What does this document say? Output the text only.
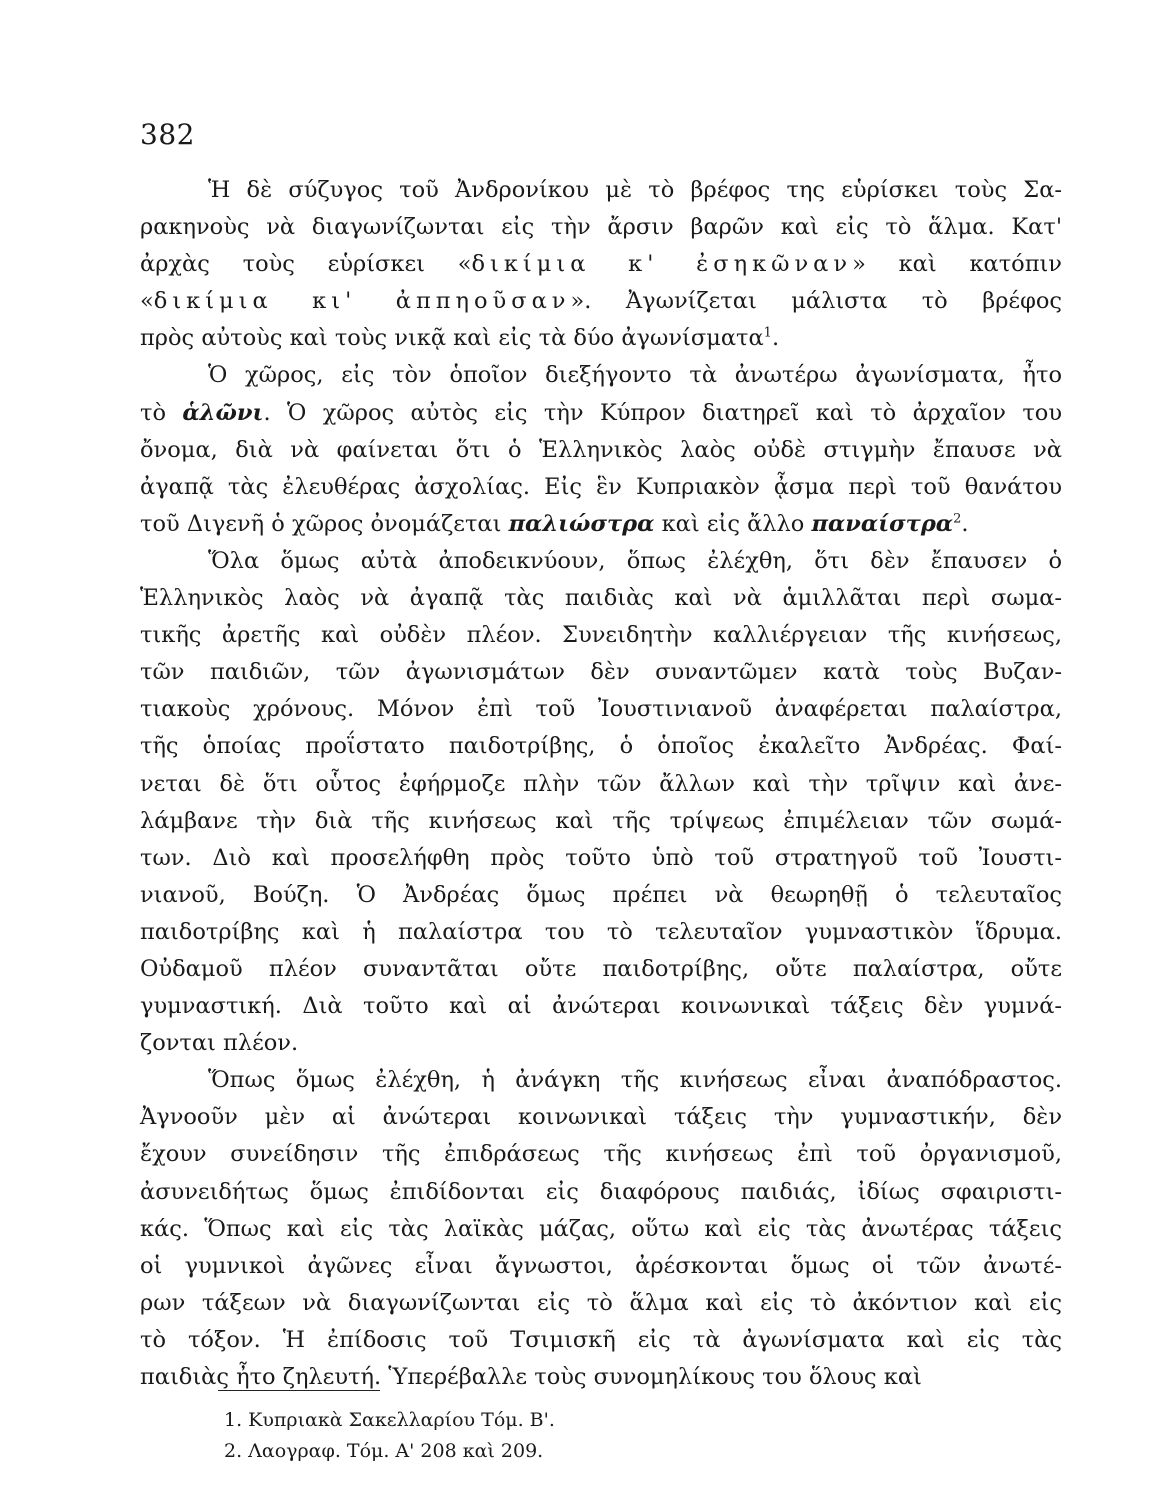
382
Ἡ δὲ σύζυγος τοῦ Ἀνδρονίκου μὲ τὸ βρέφος της εὑρίσκει τοὺς Σα-
ρακηνοὺς νὰ διαγωνίζωνται εἰς τὴν ἄρσιν βαρῶν καὶ εἰς τὸ ἅλμα. Κατ'
ἀρχὰς τοὺς εὑρίσκει «δικίμια κ' ἐσηκῶναν» καὶ κατόπιν
«δικίμια κι' ἀππηοῦσαν». Ἀγωνίζεται μάλιστα τὸ βρέφος
πρὸς αὐτοὺς καὶ τοὺς νικᾷ καὶ εἰς τὰ δύο ἀγωνίσματα$^1$.
Ὁ χῶρος, εἰς τὸν ὁποῖον διεξήγοντο τὰ ἀνωτέρω ἀγωνίσματα, ἦτο
τὸ ἁλῶνι. Ὁ χῶρος αὐτὸς εἰς τὴν Κύπρον διατηρεῖ καὶ τὸ ἀρχαῖον του
ὄνομα, διὰ νὰ φαίνεται ὅτι ὁ Ἑλληνικὸς λαὸς οὐδὲ στιγμὴν ἔπαυσε νὰ
ἀγαπᾷ τὰς ἐλευθέρας ἀσχολίας. Εἰς ἓν Κυπριακὸν ᾆσμα περὶ τοῦ θανάτου
τοῦ Διγενῆ ὁ χῶρος ὀνομάζεται παλιώστρα καὶ εἰς ἄλλο παναίστρα$^2$.
Ὅλα ὅμως αὐτὰ ἀποδεικνύουν, ὅπως ἐλέχθη, ὅτι δὲν ἔπαυσεν ὁ
Ἑλληνικὸς λαὸς νὰ ἀγαπᾷ τὰς παιδιὰς καὶ νὰ ἁμιλλᾶται περὶ σωμα-
τικῆς ἀρετῆς καὶ οὐδὲν πλέον. Συνειδητὴν καλλιέργειαν τῆς κινήσεως,
τῶν παιδιῶν, τῶν ἀγωνισμάτων δὲν συναντῶμεν κατὰ τοὺς Βυζαν-
τιακοὺς χρόνους. Μόνον ἐπὶ τοῦ Ἰουστινιανοῦ ἀναφέρεται παλαίστρα,
τῆς ὁποίας προΐστατο παιδοτρίβης, ὁ ὁποῖος ἐκαλεῖτο Ἀνδρέας. Φαί-
νεται δὲ ὅτι οὗτος ἐφήρμοζε πλὴν τῶν ἄλλων καὶ τὴν τρῖψιν καὶ ἀνε-
λάμβανε τὴν διὰ τῆς κινήσεως καὶ τῆς τρίψεως ἐπιμέλειαν τῶν σωμά-
των. Διὸ καὶ προσελήφθη πρὸς τοῦτο ὑπὸ τοῦ στρατηγοῦ τοῦ Ἰουστι-
νιανοῦ, Βούζη. Ὁ Ἀνδρέας ὅμως πρέπει νὰ θεωρηθῇ ὁ τελευταῖος
παιδοτρίβης καὶ ἡ παλαίστρα του τὸ τελευταῖον γυμναστικὸν ἵδρυμα.
Οὐδαμοῦ πλέον συναντᾶται οὔτε παιδοτρίβης, οὔτε παλαίστρα, οὔτε
γυμναστική. Διὰ τοῦτο καὶ αἱ ἀνώτεραι κοινωνικαὶ τάξεις δὲν γυμνά-
ζονται πλέον.
Ὅπως ὅμως ἐλέχθη, ἡ ἀνάγκη τῆς κινήσεως εἶναι ἀναπόδραστος.
Ἀγνοοῦν μὲν αἱ ἀνώτεραι κοινωνικαὶ τάξεις τὴν γυμναστικήν, δὲν
ἔχουν συνείδησιν τῆς ἐπιδράσεως τῆς κινήσεως ἐπὶ τοῦ ὀργανισμοῦ,
ἀσυνειδήτως ὅμως ἐπιδίδονται εἰς διαφόρους παιδιάς, ἰδίως σφαιριστι-
κάς. Ὅπως καὶ εἰς τὰς λαϊκὰς μάζας, οὕτω καὶ εἰς τὰς ἀνωτέρας τάξεις
οἱ γυμνικοὶ ἀγῶνες εἶναι ἄγνωστοι, ἀρέσκονται ὅμως οἱ τῶν ἀνωτέ-
ρων τάξεων νὰ διαγωνίζωνται εἰς τὸ ἅλμα καὶ εἰς τὸ ἀκόντιον καὶ εἰς
τὸ τόξον. Ἡ ἐπίδοσις τοῦ Τσιμισκῆ εἰς τὰ ἀγωνίσματα καὶ εἰς τὰς
παιδιὰς ἦτο ζηλευτή. Ὑπερέβαλλε τοὺς συνομηλίκους του ὅλους καὶ
1. Κυπριακὰ Σακελλαρίου Τόμ. Β'.
2. Λαογραφ. Τόμ. Α' 208 καὶ 209.
